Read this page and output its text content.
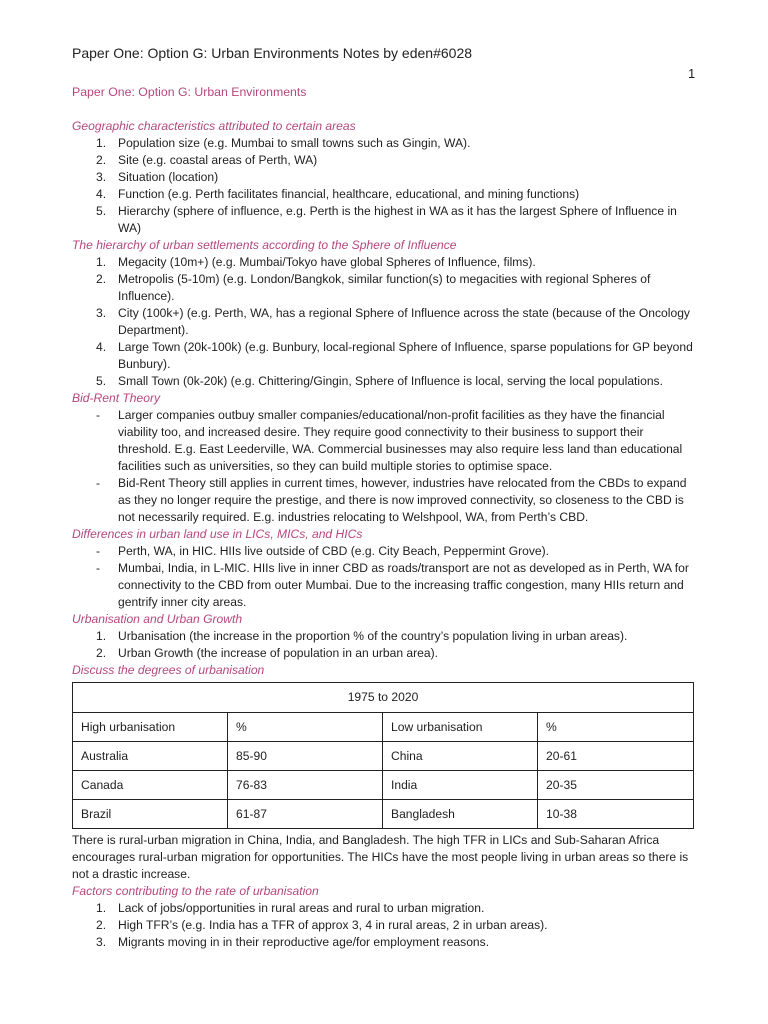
Paper One: Option G: Urban Environments Notes by eden#6028
1
Paper One: Option G: Urban Environments
Geographic characteristics attributed to certain areas
1. Population size (e.g. Mumbai to small towns such as Gingin, WA).
2. Site (e.g. coastal areas of Perth, WA)
3. Situation (location)
4. Function (e.g. Perth facilitates financial, healthcare, educational, and mining functions)
5. Hierarchy (sphere of influence, e.g. Perth is the highest in WA as it has the largest Sphere of Influence in WA)
The hierarchy of urban settlements according to the Sphere of Influence
1. Megacity (10m+) (e.g. Mumbai/Tokyo have global Spheres of Influence, films).
2. Metropolis (5-10m) (e.g. London/Bangkok, similar function(s) to megacities with regional Spheres of Influence).
3. City (100k+) (e.g. Perth, WA, has a regional Sphere of Influence across the state (because of the Oncology Department).
4. Large Town (20k-100k) (e.g. Bunbury, local-regional Sphere of Influence, sparse populations for GP beyond Bunbury).
5. Small Town (0k-20k) (e.g. Chittering/Gingin, Sphere of Influence is local, serving the local populations.
Bid-Rent Theory
- Larger companies outbuy smaller companies/educational/non-profit facilities as they have the financial viability too, and increased desire. They require good connectivity to their business to support their threshold. E.g. East Leederville, WA. Commercial businesses may also require less land than educational facilities such as universities, so they can build multiple stories to optimise space.
- Bid-Rent Theory still applies in current times, however, industries have relocated from the CBDs to expand as they no longer require the prestige, and there is now improved connectivity, so closeness to the CBD is not necessarily required. E.g. industries relocating to Welshpool, WA, from Perth’s CBD.
Differences in urban land use in LICs, MICs, and HICs
- Perth, WA, in HIC. HIIs live outside of CBD (e.g. City Beach, Peppermint Grove).
- Mumbai, India, in L-MIC. HIIs live in inner CBD as roads/transport are not as developed as in Perth, WA for connectivity to the CBD from outer Mumbai. Due to the increasing traffic congestion, many HIIs return and gentrify inner city areas.
Urbanisation and Urban Growth
1. Urbanisation (the increase in the proportion % of the country’s population living in urban areas).
2. Urban Growth (the increase of population in an urban area).
Discuss the degrees of urbanisation
1975 to 2020			
High urbanisation	%	Low urbanisation	%
Australia	85-90	China	20-61
Canada	76-83	India	20-35
Brazil	61-87	Bangladesh	10-38

There is rural-urban migration in China, India, and Bangladesh. The high TFR in LICs and Sub-Saharan Africa encourages rural-urban migration for opportunities. The HICs have the most people living in urban areas so there is not a drastic increase.

Factors contributing to the rate of urbanisation
1. Lack of jobs/opportunities in rural areas and rural to urban migration.
2. High TFR’s (e.g. India has a TFR of approx 3, 4 in rural areas, 2 in urban areas).
3. Migrants moving in in their reproductive age/for employment reasons.
